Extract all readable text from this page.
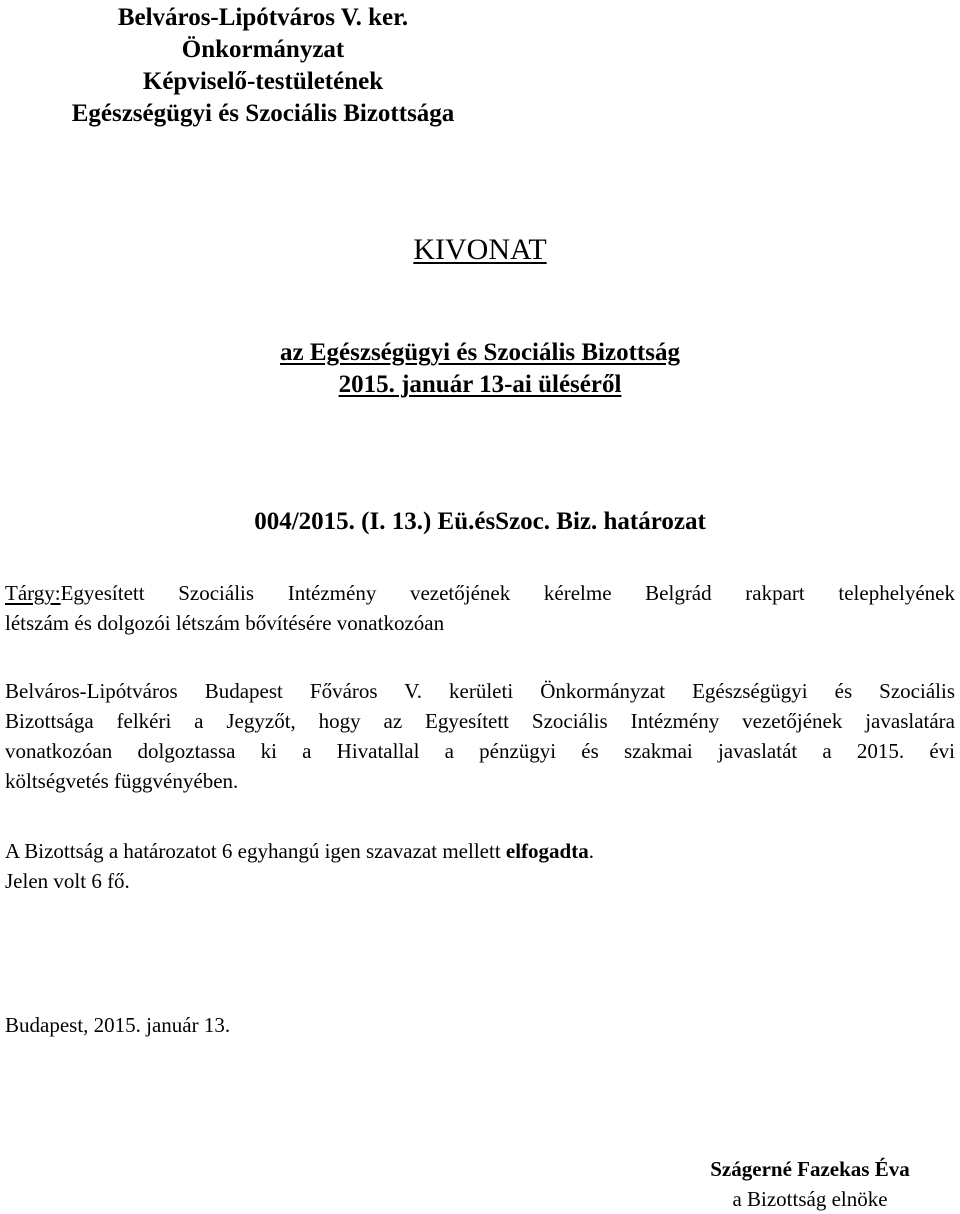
Belváros-Lipótváros V. ker.

Önkormányzat

Képviselő-testületének

Egészségügyi és Szociális Bizottsága

KIVONAT

az Egészségügyi és Szociális Bizottság

2015. január 13-ai üléséről

004/2015. (I. 13.) Eü.ésSzoc. Biz. határozat

Tárgy:Egyesített Szociális Intézmény vezetőjének kérelme Belgrád rakpart telephelyének
létszám és dolgozói létszám bővítésére vonatkozóan
Belváros-Lipótváros Budapest Főváros V. kerületi Önkormányzat Egészségügyi és Szociális
Bizottsága felkéri a Jegyzőt, hogy az Egyesített Szociális Intézmény vezetőjének javaslatára
vonatkozóan dolgoztassa ki a Hivatallal a pénzügyi és szakmai javaslatát a 2015. évi
költségvetés függvényében.
A Bizottság a határozatot 6 egyhangú igen szavazat mellett elfogadta.
Jelen volt 6 fő.

Budapest, 2015. január 13.

Szágerné Fazekas Éva
a Bizottság elnöke
